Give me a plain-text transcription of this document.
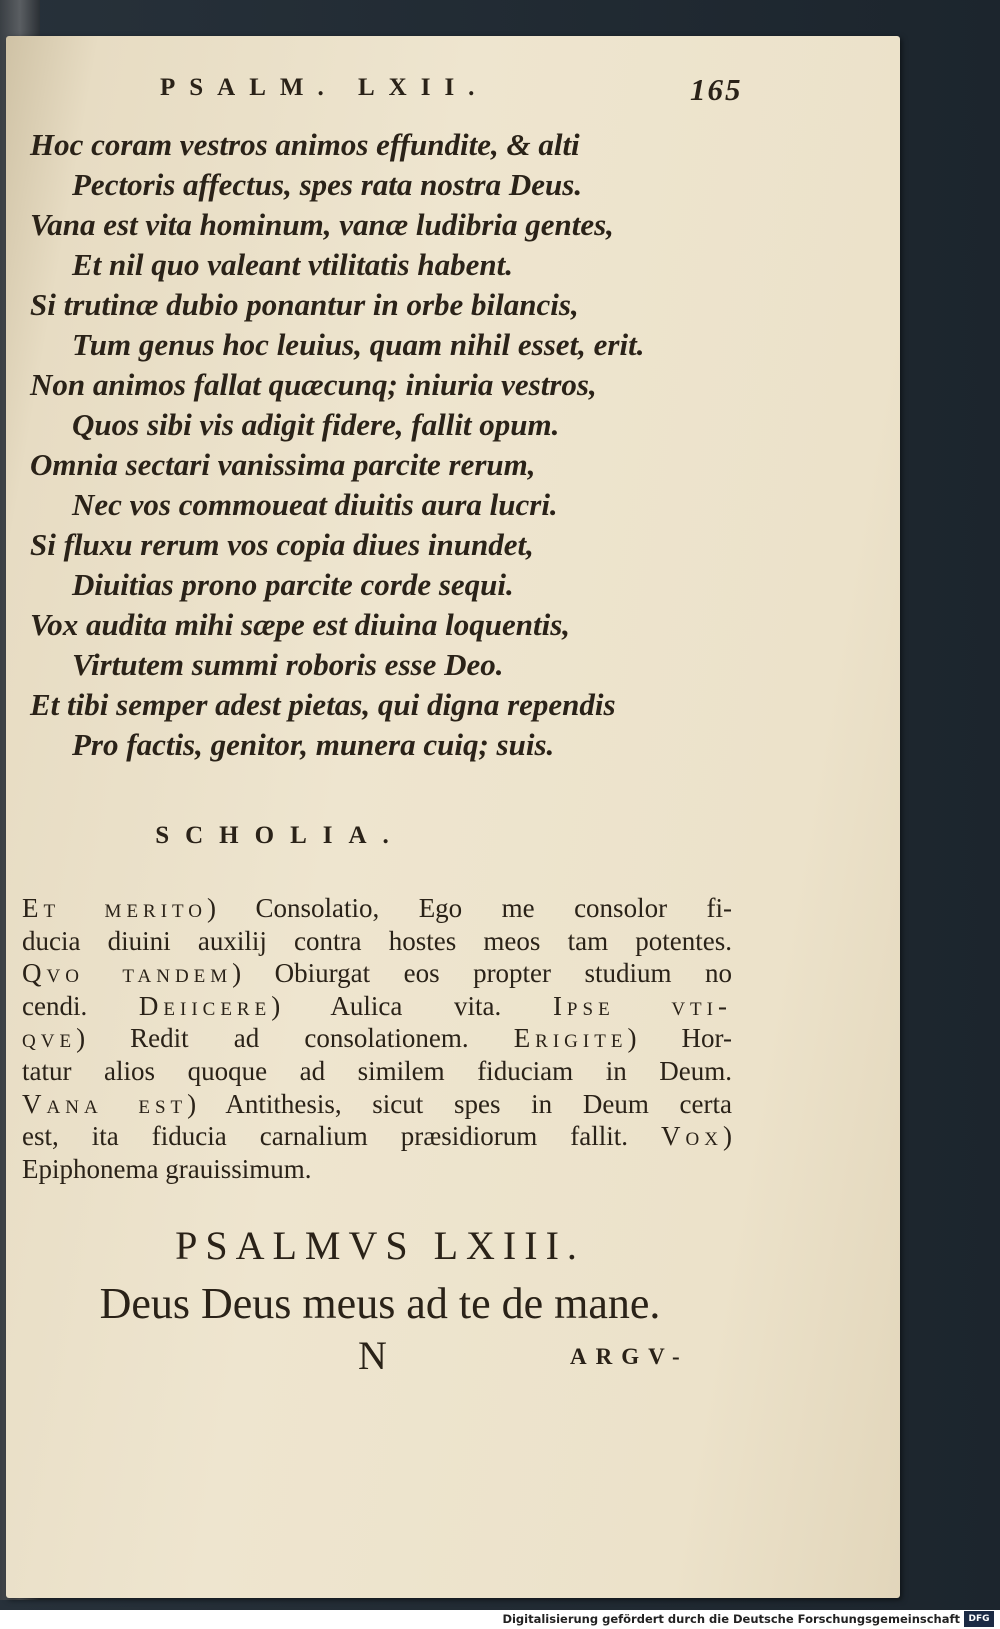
PSALM. LXII.	165
Hoc coram vestros animos effundite, & alti
Pectoris affectus, spes rata nostra Deus.
Vana est vita hominum, vanæ ludibria gentes,
Et nil quo valeant vtilitatis habent.
Si trutinæ dubio ponantur in orbe bilancis,
Tum genus hoc leuius, quam nihil esset, erit.
Non animos fallat quæcunq; iniuria vestros,
Quos sibi vis adigit fidere, fallit opum.
Omnia sectari vanissima parcite rerum,
Nec vos commoueat diuitis aura lucri.
Si fluxu rerum vos copia diues inundet,
Diuitias prono parcite corde sequi.
Vox audita mihi sæpe est diuina loquentis,
Virtutem summi roboris esse Deo.
Et tibi semper adest pietas, qui digna rependis
Pro factis, genitor, munera cuiq; suis.
SCHOLIA.
Et merito) Consolatio, Ego me consolor fi-
ducia diuini auxilij contra hostes meos tam potentes.
Qvo tandem) Obiurgat eos propter studium no
cendi. Deiicere) Aulica vita. Ipse vti-
qve) Redit ad consolationem. Erigite) Hor-
tatur alios quoque ad similem fiduciam in Deum.
Vana est) Antithesis, sicut spes in Deum certa
est, ita fiducia carnalium præsidiorum fallit. Vox)
Epiphonema grauissimum.
PSALMVS LXIII.
Deus Deus meus ad te de mane.
N	ARGV-
Digitalisierung gefördert durch die Deutsche Forschungsgemeinschaft DFG
